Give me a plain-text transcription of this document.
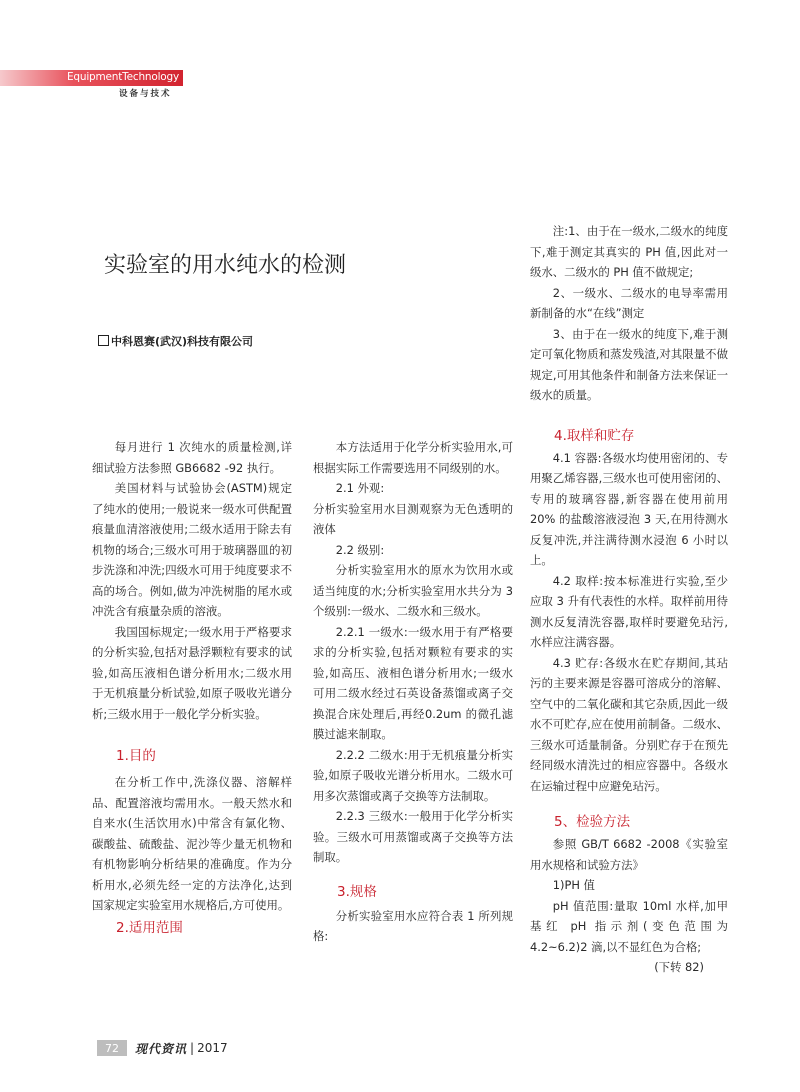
EquipmentTechnology
设备与技术
实验室的用水纯水的检测
中科恩赛(武汉)科技有限公司

每月进行 1 次纯水的质量检测,详细试验方法参照 GB6682 -92 执行。

美国材料与试验协会(ASTM)规定了纯水的使用;一般说来一级水可供配置痕量血清溶液使用;二级水适用于除去有机物的场合;三级水可用于玻璃器皿的初步洗涤和冲洗;四级水可用于纯度要求不高的场合。例如,做为冲洗树脂的尾水或冲洗含有痕量杂质的溶液。

我国国标规定;一级水用于严格要求的分析实验,包括对悬浮颗粒有要求的试验,如高压液相色谱分析用水;二级水用于无机痕量分析试验,如原子吸收光谱分析;三级水用于一般化学分析实验。

1.目的

在分析工作中,洗涤仪器、溶解样品、配置溶液均需用水。一般天然水和自来水(生活饮用水)中常含有氯化物、碳酸盐、硫酸盐、泥沙等少量无机物和有机物影响分析结果的准确度。作为分析用水,必须先经一定的方法净化,达到国家规定实验室用水规格后,方可使用。

2.适用范围

本方法适用于化学分析实验用水,可根据实际工作需要选用不同级别的水。

2.1 外观:

分析实验室用水目测观察为无色透明的液体

2.2 级别:

分析实验室用水的原水为饮用水或适当纯度的水;分析实验室用水共分为 3 个级别:一级水、二级水和三级水。

2.2.1 一级水:一级水用于有严格要求的分析实验,包括对颗粒有要求的实验,如高压、液相色谱分析用水;一级水可用二级水经过石英设备蒸馏或离子交换混合床处理后,再经0.2um 的微孔滤膜过滤来制取。

2.2.2 二级水:用于无机痕量分析实验,如原子吸收光谱分析用水。二级水可用多次蒸馏或离子交换等方法制取。

2.2.3 三级水:一般用于化学分析实验。三级水可用蒸馏或离子交换等方法制取。

3.规格

分析实验室用水应符合表 1 所列规格:

注:1、由于在一级水,二级水的纯度下,难于测定其真实的 PH 值,因此对一级水、二级水的 PH 值不做规定;

2、一级水、二级水的电导率需用新制备的水“在线”测定

3、由于在一级水的纯度下,难于测定可氧化物质和蒸发残渣,对其限量不做规定,可用其他条件和制备方法来保证一级水的质量。

4.取样和贮存

4.1 容器:各级水均使用密闭的、专用聚乙烯容器,三级水也可使用密闭的、专用的玻璃容器,新容器在使用前用 20% 的盐酸溶液浸泡 3 天,在用待测水反复冲洗,并注满待测水浸泡 6 小时以上。

4.2 取样:按本标准进行实验,至少应取 3 升有代表性的水样。取样前用待测水反复清洗容器,取样时要避免玷污,水样应注满容器。

4.3 贮存:各级水在贮存期间,其玷污的主要来源是容器可溶成分的溶解、空气中的二氧化碳和其它杂质,因此一级水不可贮存,应在使用前制备。二级水、三级水可适量制备。分别贮存于在预先经同级水清洗过的相应容器中。各级水在运输过程中应避免玷污。

5、检验方法

参照 GB/T 6682 -2008《实验室用水规格和试验方法》

1)PH 值

pH 值范围:量取 10ml 水样,加甲基红 pH 指示剂(变色范围为 4.2~6.2)2 滴,以不显红色为合格;

(下转 82)

72	现代资讯 | 2017
